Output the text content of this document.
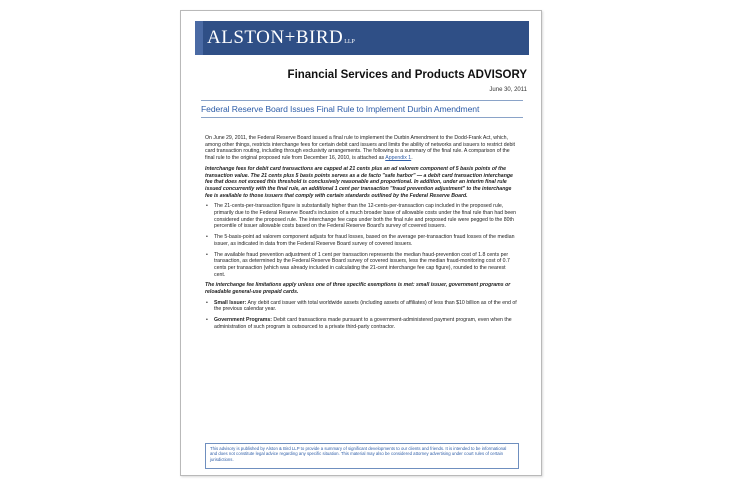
ALSTON+BIRDLLP
Financial Services and Products ADVISORY
June 30, 2011
Federal Reserve Board Issues Final Rule to Implement Durbin Amendment

On June 29, 2011, the Federal Reserve Board issued a final rule to implement the Durbin Amendment to the Dodd-Frank Act, which, among other things, restricts interchange fees for certain debit card issuers and limits the ability of networks and issuers to restrict debit card transaction routing, including through exclusivity arrangements. The following is a summary of the final rule. A comparison of the final rule to the original proposed rule from December 16, 2010, is attached as Appendix 1.

Interchange fees for debit card transactions are capped at 21 cents plus an ad valorem component of 5 basis points of the transaction value. The 21 cents plus 5 basis points serves as a de facto "safe harbor" — a debit card transaction interchange fee that does not exceed this threshold is conclusively reasonable and proportional. In addition, under an interim final rule issued concurrently with the final rule, an additional 1 cent per transaction "fraud prevention adjustment" to the interchange fee is available to those issuers that comply with certain standards outlined by the Federal Reserve Board.

• The 21-cents-per-transaction figure is substantially higher than the 12-cents-per-transaction cap included in the proposed rule, primarily due to the Federal Reserve Board's inclusion of a much broader base of allowable costs under the final rule than had been considered under the proposed rule. The interchange fee caps under both the final rule and proposed rule were pegged to the 80th percentile of issuer allowable costs based on the Federal Reserve Board's survey of covered issuers.
• The 5-basis-point ad valorem component adjusts for fraud losses, based on the average per-transaction fraud losses of the median issuer, as indicated in data from the Federal Reserve Board survey of covered issuers.
• The available fraud prevention adjustment of 1 cent per transaction represents the median fraud-prevention cost of 1.8 cents per transaction, as determined by the Federal Reserve Board survey of covered issuers, less the median fraud-monitoring cost of 0.7 cents per transaction (which was already included in calculating the 21-cent interchange fee cap figure), rounded to the nearest cent.

The interchange fee limitations apply unless one of three specific exemptions is met: small issuer, government programs or reloadable general-use prepaid cards.

• Small Issuer: Any debit card issuer with total worldwide assets (including assets of affiliates) of less than $10 billion as of the end of the previous calendar year.
• Government Programs: Debit card transactions made pursuant to a government-administered payment program, even when the administration of such program is outsourced to a private third-party contractor.
This advisory is published by Alston & Bird LLP to provide a summary of significant developments to our clients and friends. It is intended to be informational and does not constitute legal advice regarding any specific situation. This material may also be considered attorney advertising under court rules of certain jurisdictions.
